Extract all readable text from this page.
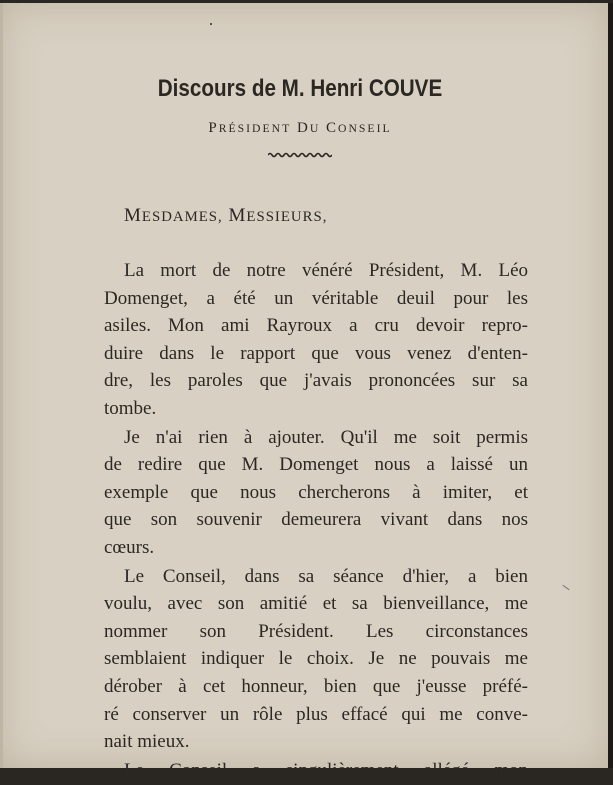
Discours de M. Henri COUVE
PRÉSIDENT DU CONSEIL
MESDAMES, MESSIEURS,
La mort de notre vénéré Président, M. Léo
Domenget, a été un véritable deuil pour les
asiles. Mon ami Rayroux a cru devoir repro-
duire dans le rapport que vous venez d'enten-
dre, les paroles que j'avais prononcées sur sa
tombe.
Je n'ai rien à ajouter. Qu'il me soit permis
de redire que M. Domenget nous a laissé un
exemple que nous chercherons à imiter, et
que son souvenir demeurera vivant dans nos
cœurs.
Le Conseil, dans sa séance d'hier, a bien
voulu, avec son amitié et sa bienveillance, me
nommer son Président. Les circonstances
semblaient indiquer le choix. Je ne pouvais me
dérober à cet honneur, bien que j'eusse préfé-
ré conserver un rôle plus effacé qui me conve-
nait mieux.
Le Conseil a singulièrement allégé mon
